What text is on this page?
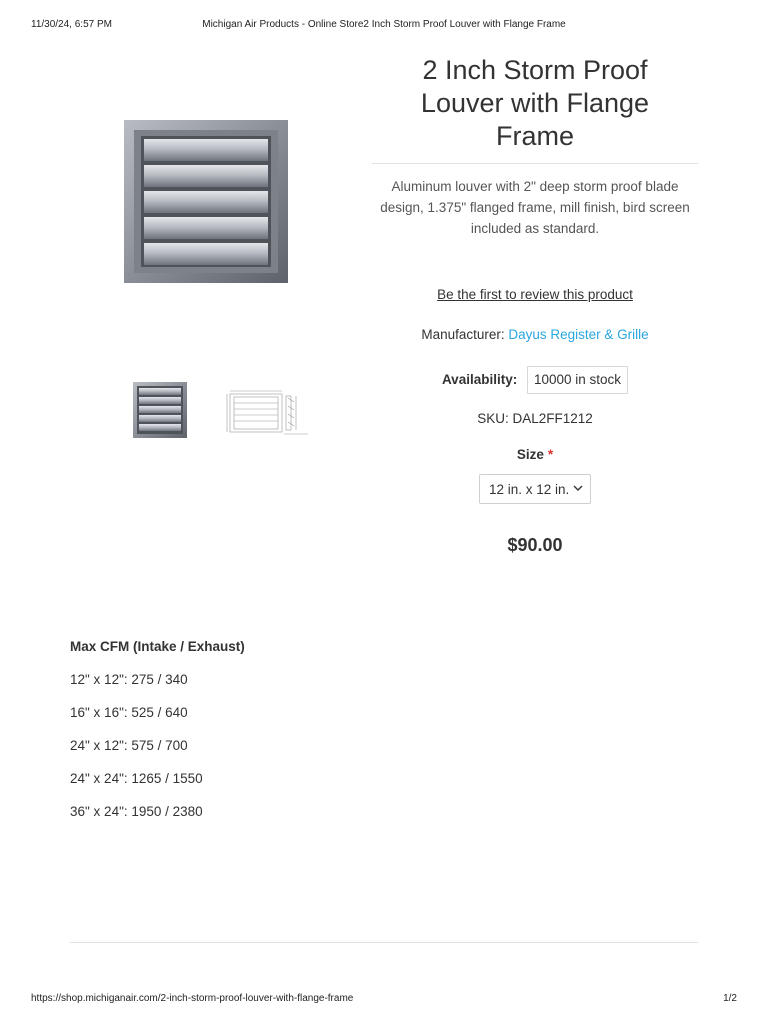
11/30/24, 6:57 PM	Michigan Air Products - Online Store2 Inch Storm Proof Louver with Flange Frame
2 Inch Storm Proof Louver with Flange Frame

Aluminum louver with 2" deep storm proof blade design, 1.375" flanged frame, mill finish, bird screen included as standard.

Be the first to review this product
Manufacturer: Dayus Register & Grille
Availability: 10000 in stock
SKU: DAL2FF1212
Size *
12 in. x 12 in.
$90.00
Max CFM (Intake / Exhaust)
12" x 12": 275 / 340
16" x 16": 525 / 640
24" x 12": 575 / 700
24" x 24": 1265 / 1550
36" x 24": 1950 / 2380
https://shop.michiganair.com/2-inch-storm-proof-louver-with-flange-frame	1/2
